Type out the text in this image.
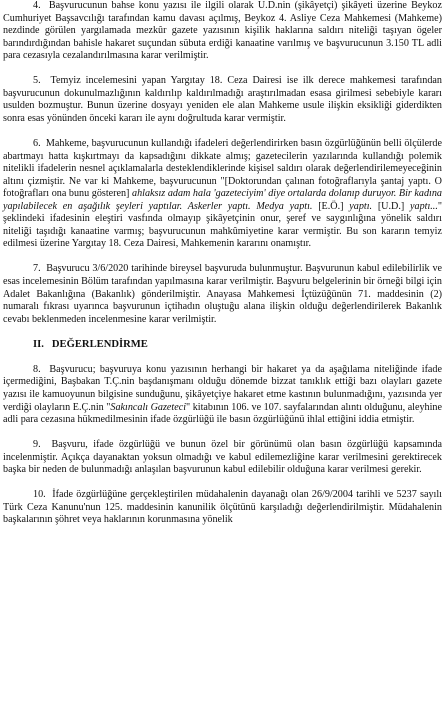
4.  Başvurucunun bahse konu yazısı ile ilgili olarak U.D.nin (şikâyetçi) şikâyeti üzerine Beykoz Cumhuriyet Başsavcılığı tarafından kamu davası açılmış, Beykoz 4. Asliye Ceza Mahkemesi (Mahkeme) nezdinde görülen yargılamada mezkûr gazete yazısının kişilik haklarına saldırı niteliği taşıyan ögeler barındırdığından bahisle hakaret suçundan sübuta erdiği kanaatine varılmış ve başvurucunun 3.150 TL adli para cezasıyla cezalandırılmasına karar verilmiştir.

5.  Temyiz incelemesini yapan Yargıtay 18. Ceza Dairesi ise ilk derece mahkemesi tarafından başvurucunun dokunulmazlığının kaldırılıp kaldırılmadığı araştırılmadan esasa girilmesi sebebiyle kararı usulden bozmuştur. Bunun üzerine dosyayı yeniden ele alan Mahkeme usule ilişkin eksikliği giderdikten sonra esas yönünden önceki kararı ile aynı doğrultuda karar vermiştir.

6.  Mahkeme, başvurucunun kullandığı ifadeleri değerlendirirken basın özgürlüğünün belli ölçülerde abartmayı hatta kışkırtmayı da kapsadığını dikkate almış; gazetecilerin yazılarında kullandığı polemik nitelikli ifadelerin nesnel açıklamalarla desteklendiklerinde kişisel saldırı olarak değerlendirilemeyeceğinin altını çizmiştir. Ne var ki Mahkeme, başvurucunun "[Doktorundan çalınan fotoğraflarıyla şantaj yaptı. O fotoğrafları ona bunu gösteren] ahlaksız adam hala 'gazeteciyim' diye ortalarda dolanıp duruyor. Bir kadına yapılabilecek en aşağılık şeyleri yaptılar. Askerler yaptı. Medya yaptı. [E.Ö.] yaptı. [U.D.] yaptı..." şeklindeki ifadesinin eleştiri vasfında olmayıp şikâyetçinin onur, şeref ve saygınlığına yönelik saldırı niteliği taşıdığı kanaatine varmış; başvurucunun mahkûmiyetine karar vermiştir. Bu son kararın temyiz edilmesi üzerine Yargıtay 18. Ceza Dairesi, Mahkemenin kararını onamıştır.

7.  Başvurucu 3/6/2020 tarihinde bireysel başvuruda bulunmuştur. Başvurunun kabul edilebilirlik ve esas incelemesinin Bölüm tarafından yapılmasına karar verilmiştir. Başvuru belgelerinin bir örneği bilgi için Adalet Bakanlığına (Bakanlık) gönderilmiştir. Anayasa Mahkemesi İçtüzüğünün 71. maddesinin (2) numaralı fıkrası uyarınca başvurunun içtihadın oluştuğu alana ilişkin olduğu değerlendirilerek Bakanlık cevabı beklenmeden incelenmesine karar verilmiştir.

II. DEĞERLENDİRME

8.  Başvurucu; başvuruya konu yazısının herhangi bir hakaret ya da aşağılama niteliğinde ifade içermediğini, Başbakan T.Ç.nin başdanışmanı olduğu dönemde bizzat tanıklık ettiği bazı olayları gazete yazısı ile kamuoyunun bilgisine sunduğunu, şikâyetçiye hakaret etme kastının bulunmadığını, yazısında yer verdiği olayların E.Ç.nin "Sakıncalı Gazeteci" kitabının 106. ve 107. sayfalarından alıntı olduğunu, aleyhine adli para cezasına hükmedilmesinin ifade özgürlüğü ile basın özgürlüğünü ihlal ettiğini iddia etmiştir.

9.  Başvuru, ifade özgürlüğü ve bunun özel bir görünümü olan basın özgürlüğü kapsamında incelenmiştir. Açıkça dayanaktan yoksun olmadığı ve kabul edilemezliğine karar verilmesini gerektirecek başka bir neden de bulunmadığı anlaşılan başvurunun kabul edilebilir olduğuna karar verilmesi gerekir.

10.  İfade özgürlüğüne gerçekleştirilen müdahalenin dayanağı olan 26/9/2004 tarihli ve 5237 sayılı Türk Ceza Kanunu'nun 125. maddesinin kanunilik ölçütünü karşıladığı değerlendirilmiştir. Müdahalenin başkalarının şöhret veya haklarının korunmasına yönelik
